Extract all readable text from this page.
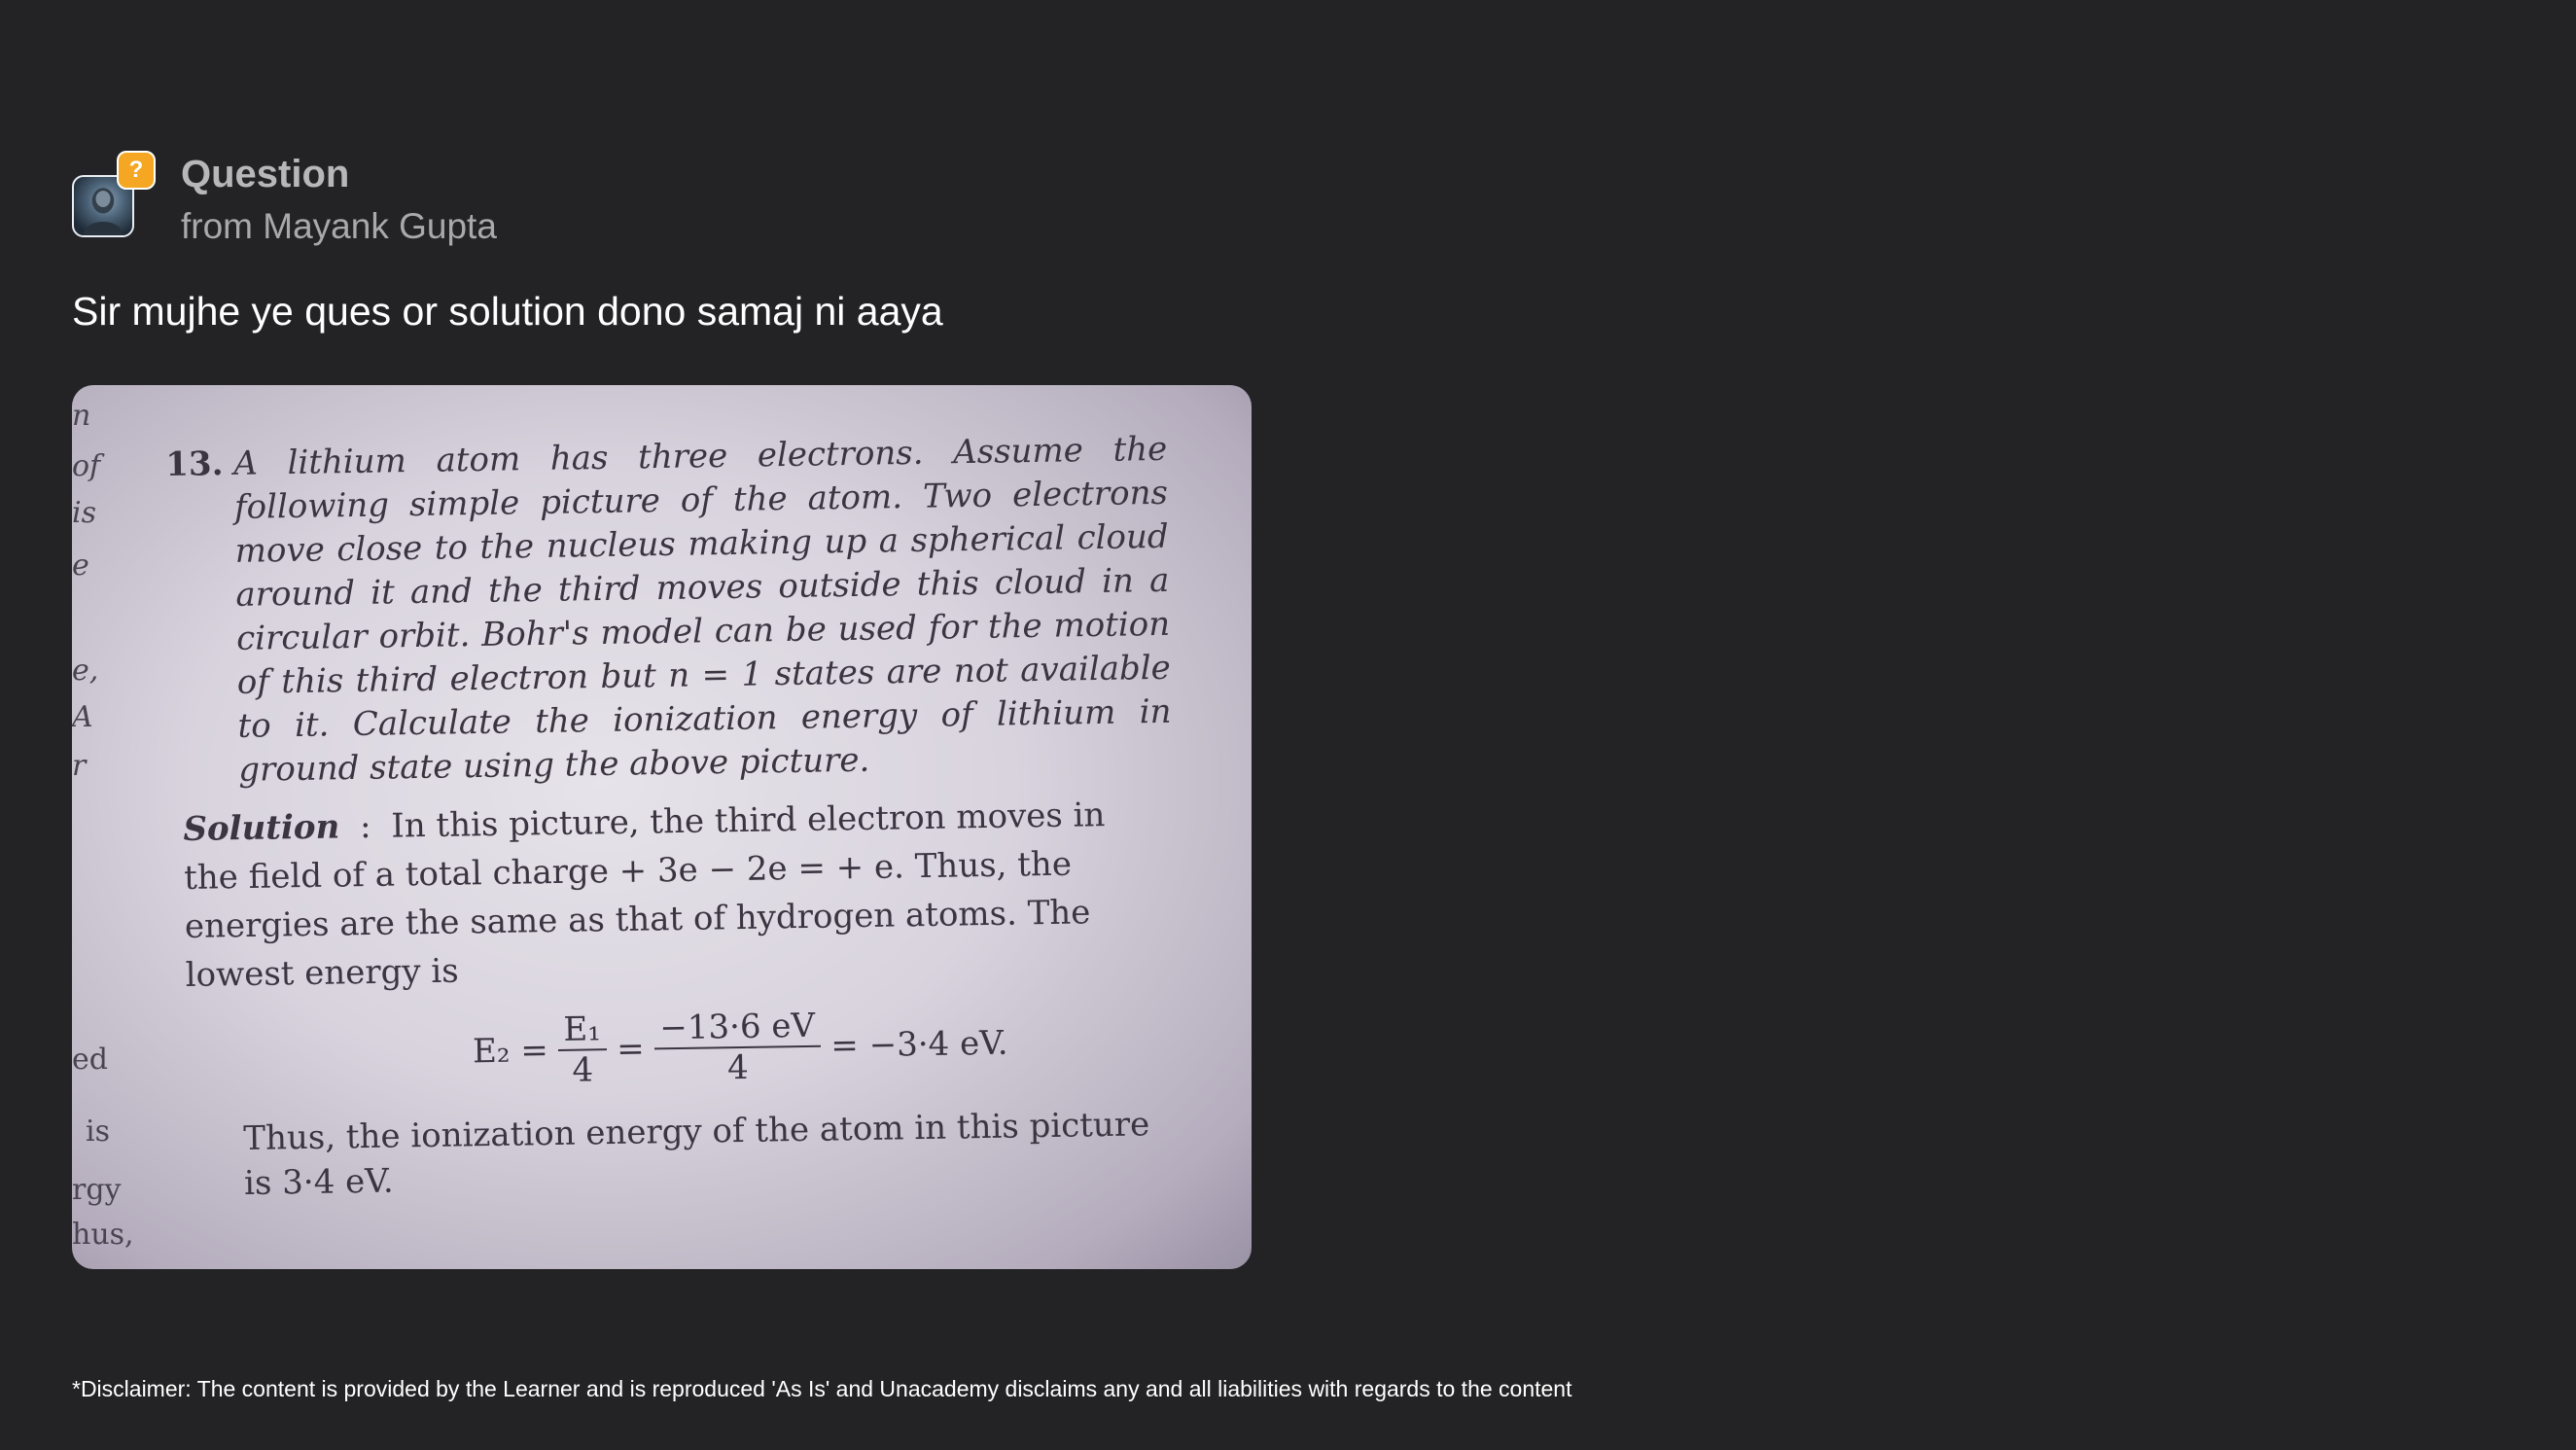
? Question
from Mayank Gupta
Sir mujhe ye ques or solution dono samaj ni aaya
n
of
is
e
e,
A
r
ed
is
rgy
hus,
13. A lithium atom has three electrons. Assume the following simple picture of the atom. Two electrons move close to the nucleus making up a spherical cloud around it and the third moves outside this cloud in a circular orbit. Bohr's model can be used for the motion of this third electron but n = 1 states are not available to it. Calculate the ionization energy of lithium in ground state using the above picture.
Solution : In this picture, the third electron moves in the field of a total charge + 3e − 2e = + e. Thus, the energies are the same as that of hydrogen atoms. The lowest energy is
$E_2 = \frac{\text{E₁}}{4} = \frac{-13\cdot 6 eV}{4} = -3\cdot 4$ eV.
Thus, the ionization energy of the atom in this picture is 3·4 eV.
*Disclaimer: The content is provided by the Learner and is reproduced 'As Is' and Unacademy disclaims any and all liabilities with regards to the content
